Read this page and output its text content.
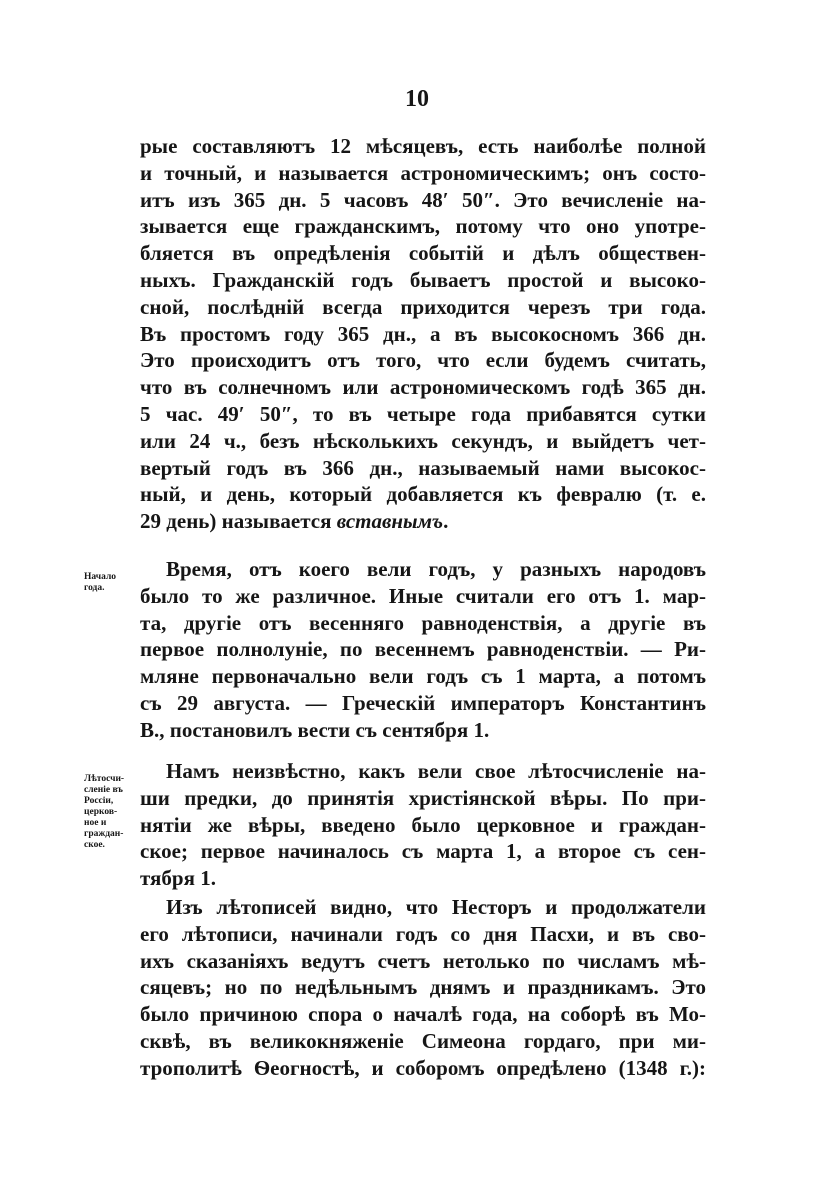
10
рые составляютъ 12 мѣсяцевъ, есть наиболѣе полной
и точный, и называется астрономическимъ; онъ состо-
итъ изъ 365 дн. 5 часовъ 48′ 50″. Это вечисленіе на-
зывается еще гражданскимъ, потому что оно употре-
бляется въ опредѣленія событій и дѣлъ обществен-
ныхъ. Гражданскій годъ бываетъ простой и высоко-
сной, послѣдній всегда приходится черезъ три года.
Въ простомъ году 365 дн., а въ высокосномъ 366 дн.
Это происходитъ отъ того, что если будемъ считать,
что въ солнечномъ или астрономическомъ годѣ 365 дн.
5 час. 49′ 50″, то въ четыре года прибавятся сутки
или 24 ч., безъ нѣсколькихъ секундъ, и выйдетъ чет-
вертый годъ въ 366 дн., называемый нами высокос-
ный, и день, который добавляется къ февралю (т. е.
29 день) называется вставнымъ.
Начало
года.
Время, отъ коего вели годъ, у разныхъ народовъ
было то же различное. Иные считали его отъ 1. мар-
та, другіе отъ весенняго равноденствія, а другіе въ
первое полнолуніе, по весеннемъ равноденствіи. — Ри-
мляне первоначально вели годъ съ 1 марта, а потомъ
съ 29 августа. — Греческій императоръ Константинъ
В., постановилъ вести съ сентября 1.
Лѣтосчи-
сленіе въ
Россіи,
церков-
ное и
граждан-
ское.
Намъ неизвѣстно, какъ вели свое лѣтосчисленіе на-
ши предки, до принятія христіянской вѣры. По при-
нятіи же вѣры, введено было церковное и граждан-
ское; первое начиналось съ марта 1, а второе съ сен-
тября 1.
Изъ лѣтописей видно, что Несторъ и продолжатели
его лѣтописи, начинали годъ со дня Пасхи, и въ сво-
ихъ сказаніяхъ ведутъ счетъ нетолько по числамъ мѣ-
сяцевъ; но по недѣльнымъ днямъ и праздникамъ. Это
было причиною спора о началѣ года, на соборѣ въ Мо-
сквѣ, въ великокняженіе Симеона гордаго, при ми-
трополитѣ Ѳеогностѣ, и соборомъ опредѣлено (1348 г.):
